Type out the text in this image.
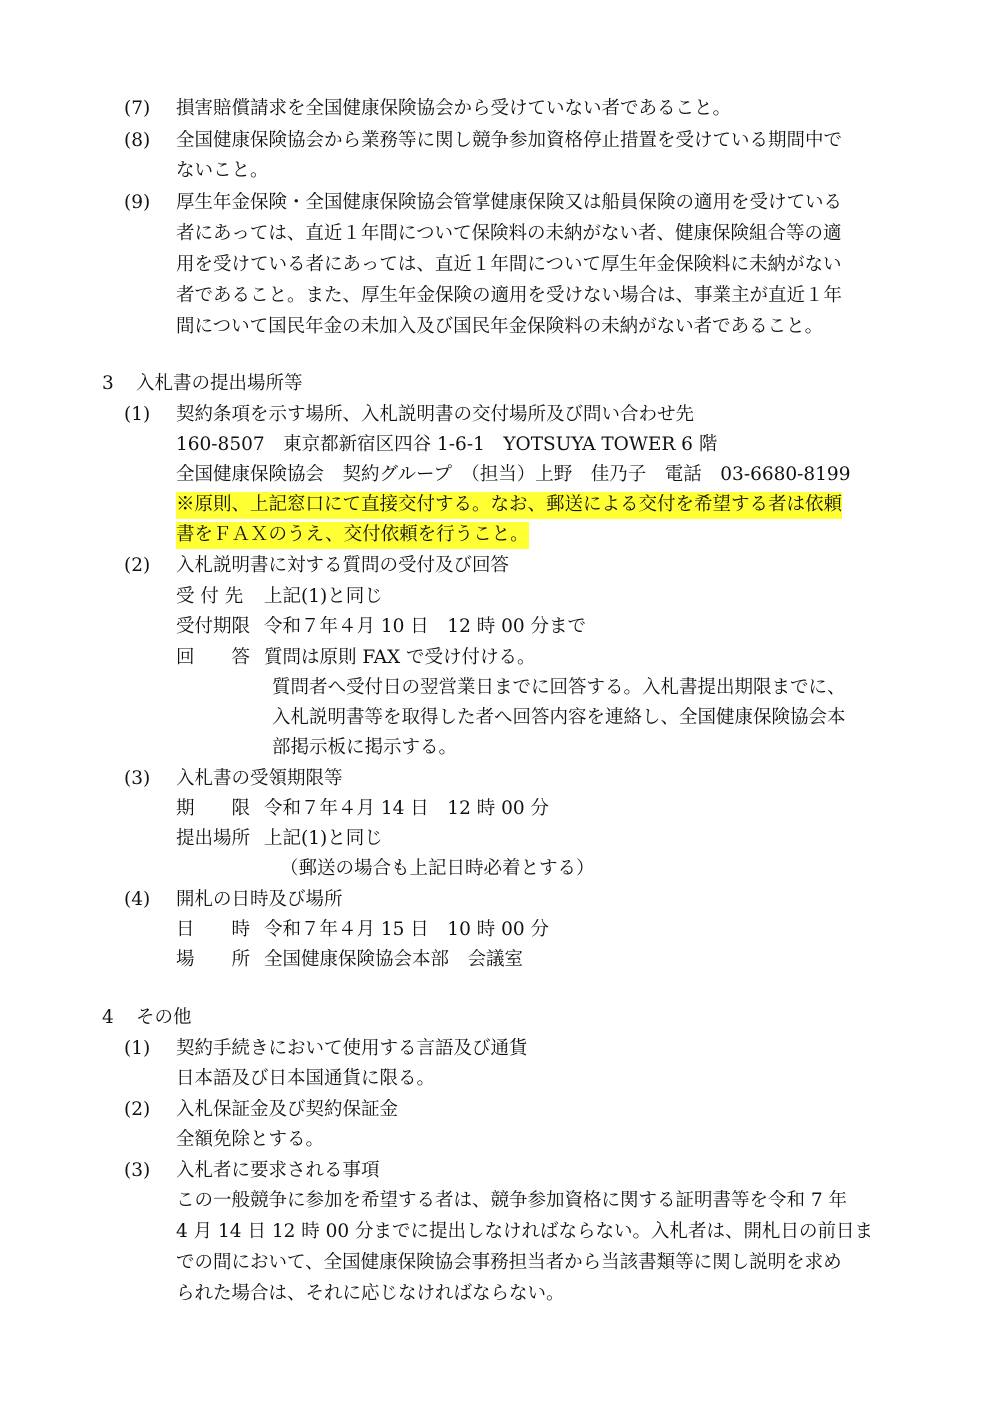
(7) 損害賠償請求を全国健康保険協会から受けていない者であること。
(8) 全国健康保険協会から業務等に関し競争参加資格停止措置を受けている期間中で
ないこと。
(9) 厚生年金保険・全国健康保険協会管掌健康保険又は船員保険の適用を受けている
者にあっては、直近１年間について保険料の未納がない者、健康保険組合等の適
用を受けている者にあっては、直近１年間について厚生年金保険料に未納がない
者であること。また、厚生年金保険の適用を受けない場合は、事業主が直近１年
間について国民年金の未加入及び国民年金保険料の未納がない者であること。
3 入札書の提出場所等
(1) 契約条項を示す場所、入札説明書の交付場所及び問い合わせ先
160-8507　東京都新宿区四谷 1-6-1　YOTSUYA TOWER 6 階
全国健康保険協会　契約グループ　（担当）上野　佳乃子　電話　03-6680-8199
※原則、上記窓口にて直接交付する。なお、郵送による交付を希望する者は依頼
書をＦＡＸのうえ、交付依頼を行うこと。
(2) 入札説明書に対する質問の受付及び回答
受 付 先 上記(1)と同じ
受付期限 令和７年４月 10 日　12 時 00 分まで
回　　答 質問は原則 FAX で受け付ける。
質問者へ受付日の翌営業日までに回答する。入札書提出期限までに、
入札説明書等を取得した者へ回答内容を連絡し、全国健康保険協会本
部掲示板に掲示する。
(3) 入札書の受領期限等
期　　限 令和７年４月 14 日　12 時 00 分
提出場所 上記(1)と同じ
（郵送の場合も上記日時必着とする）
(4) 開札の日時及び場所
日　　時 令和７年４月 15 日　10 時 00 分
場　　所 全国健康保険協会本部　会議室
4 その他
(1) 契約手続きにおいて使用する言語及び通貨
日本語及び日本国通貨に限る。
(2) 入札保証金及び契約保証金
全額免除とする。
(3) 入札者に要求される事項
この一般競争に参加を希望する者は、競争参加資格に関する証明書等を令和 7 年
4 月 14 日 12 時 00 分までに提出しなければならない。入札者は、開札日の前日ま
での間において、全国健康保険協会事務担当者から当該書類等に関し説明を求め
られた場合は、それに応じなければならない。
